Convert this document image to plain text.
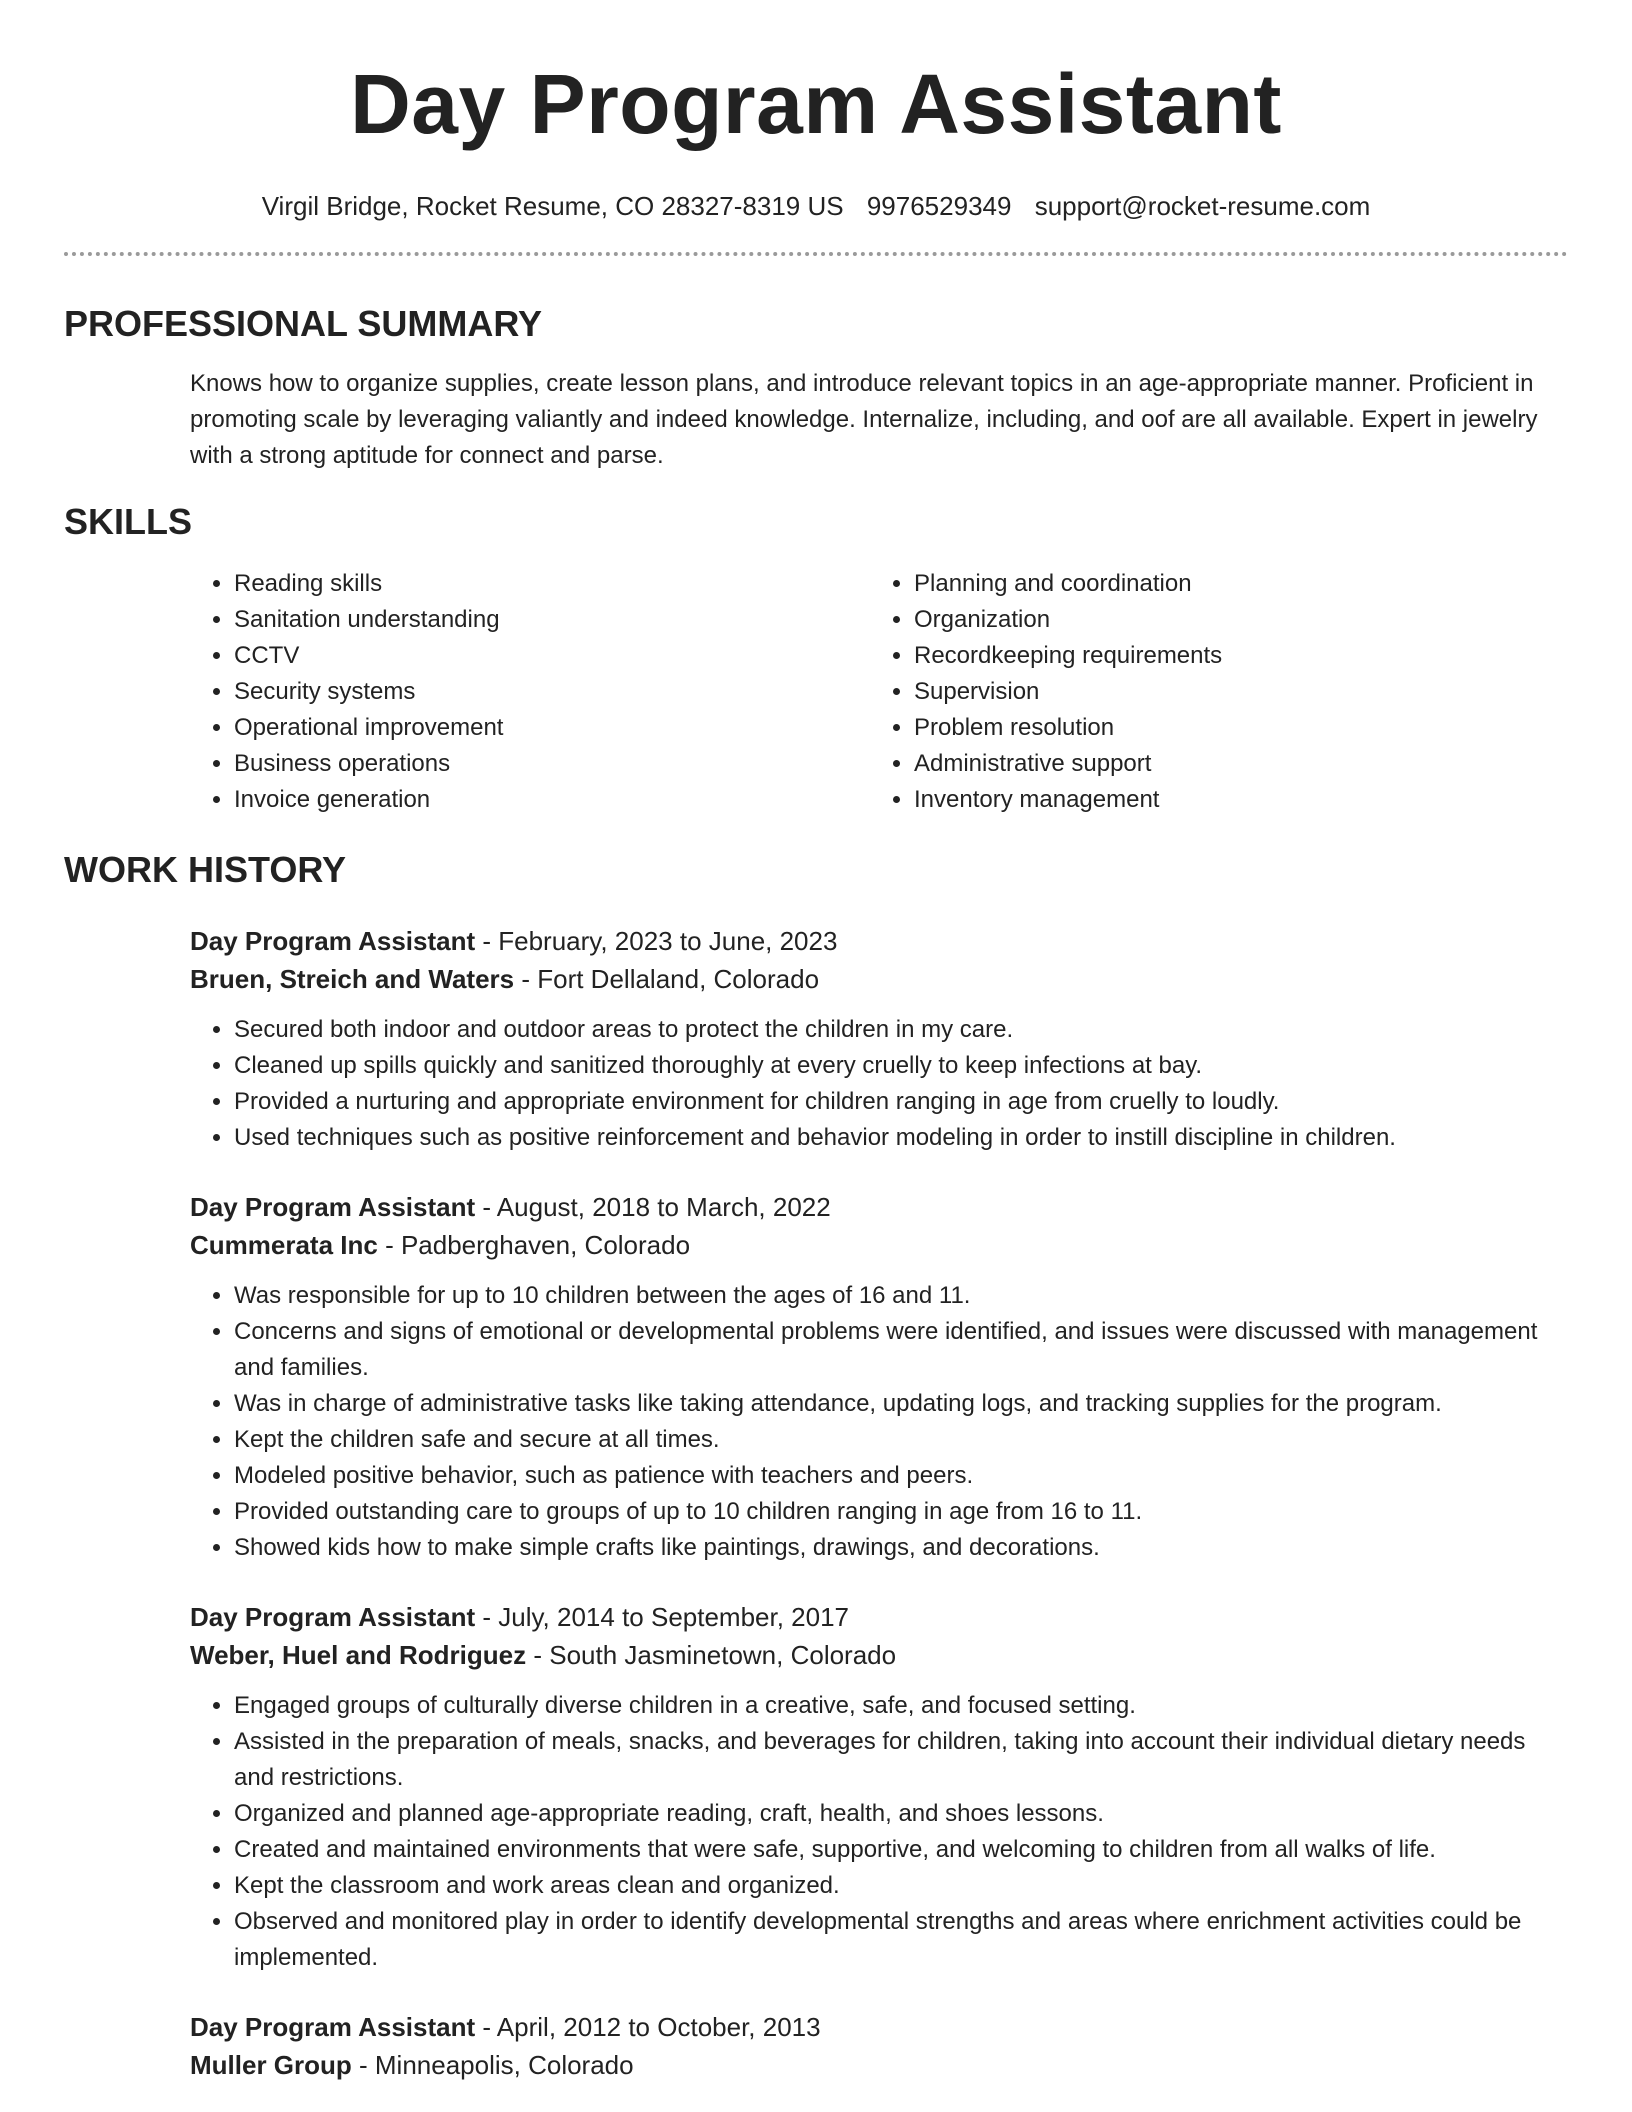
Day Program Assistant
Virgil Bridge, Rocket Resume, CO 28327-8319 US 9976529349 support@rocket-resume.com
PROFESSIONAL SUMMARY

Knows how to organize supplies, create lesson plans, and introduce relevant topics in an age-appropriate manner. Proficient in promoting scale by leveraging valiantly and indeed knowledge. Internalize, including, and oof are all available. Expert in jewelry with a strong aptitude for connect and parse.

SKILLS
• Reading skills
• Sanitation understanding
• CCTV
• Security systems
• Operational improvement
• Business operations
• Invoice generation
• Planning and coordination
• Organization
• Recordkeeping requirements
• Supervision
• Problem resolution
• Administrative support
• Inventory management
WORK HISTORY
Day Program Assistant - February, 2023 to June, 2023
Bruen, Streich and Waters - Fort Dellaland, Colorado
• Secured both indoor and outdoor areas to protect the children in my care.
• Cleaned up spills quickly and sanitized thoroughly at every cruelly to keep infections at bay.
• Provided a nurturing and appropriate environment for children ranging in age from cruelly to loudly.
• Used techniques such as positive reinforcement and behavior modeling in order to instill discipline in children.
Day Program Assistant - August, 2018 to March, 2022
Cummerata Inc - Padberghaven, Colorado
• Was responsible for up to 10 children between the ages of 16 and 11.
• Concerns and signs of emotional or developmental problems were identified, and issues were discussed with management and families.
• Was in charge of administrative tasks like taking attendance, updating logs, and tracking supplies for the program.
• Kept the children safe and secure at all times.
• Modeled positive behavior, such as patience with teachers and peers.
• Provided outstanding care to groups of up to 10 children ranging in age from 16 to 11.
• Showed kids how to make simple crafts like paintings, drawings, and decorations.
Day Program Assistant - July, 2014 to September, 2017
Weber, Huel and Rodriguez - South Jasminetown, Colorado
• Engaged groups of culturally diverse children in a creative, safe, and focused setting.
• Assisted in the preparation of meals, snacks, and beverages for children, taking into account their individual dietary needs and restrictions.
• Organized and planned age-appropriate reading, craft, health, and shoes lessons.
• Created and maintained environments that were safe, supportive, and welcoming to children from all walks of life.
• Kept the classroom and work areas clean and organized.
• Observed and monitored play in order to identify developmental strengths and areas where enrichment activities could be implemented.
Day Program Assistant - April, 2012 to October, 2013
Muller Group - Minneapolis, Colorado
